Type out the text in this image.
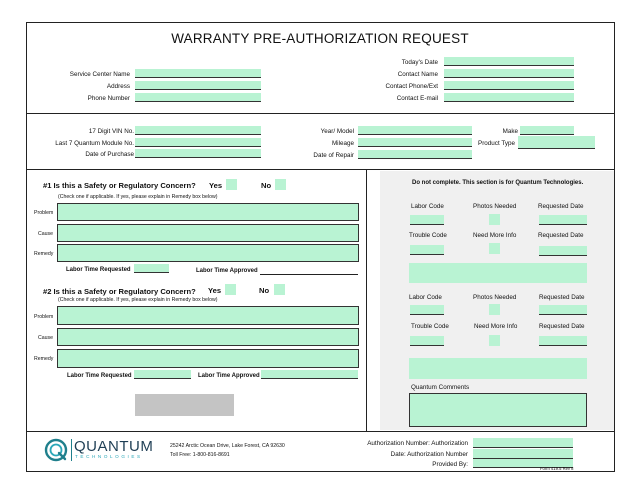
WARRANTY PRE-AUTHORIZATION REQUEST
Service Center Name
Address
Phone Number
Today's Date
Contact Name
Contact Phone/Ext
Contact E-mail
17 Digit VIN No.
Last 7 Quantum Module No.
Date of Purchase
Year/ Model
Mileage
Date of Repair
Make
Product Type
#1 Is this a Safety or Regulatory Concern? Yes	No
(Check one if applicable. If yes, please explain in Remedy box below)
Problem
Cause
Remedy
Labor Time Requested	Labor Time Approved
#2 Is this a Safety or Regulatory Concern? Yes	No
(Check one if applicable. If yes, please explain in Remedy box below)
Problem
Cause
Remedy
Labor Time Requested	Labor Time Approved
Do not complete. This section is for Quantum Technologies.
Labor Code	Photos Needed	Requested Date
Trouble Code	Need More Info	Requested Date
Labor Code	Photos Needed	Requested Date
Trouble Code	Need More Info	Requested Date
Quantum Comments
QUANTUM
TECHNOLOGIES
25242 Arctic Ocean Drive, Lake Forest, CA 92630
Toll Free: 1-800-816-8691
Authorization Number: Authorization
Date: Authorization Number
Provided By:
Form 419.5 Rev 8
